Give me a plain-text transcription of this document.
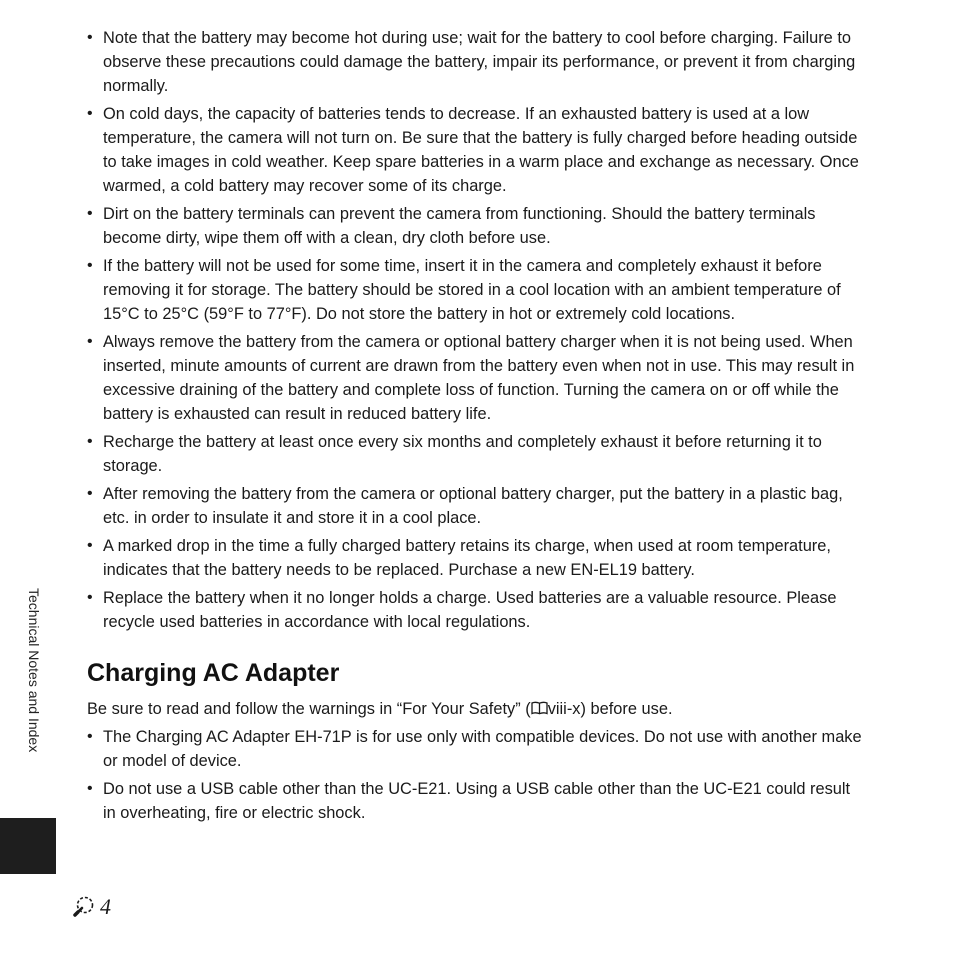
• Note that the battery may become hot during use; wait for the battery to cool before charging. Failure to observe these precautions could damage the battery, impair its performance, or prevent it from charging normally.
• On cold days, the capacity of batteries tends to decrease. If an exhausted battery is used at a low temperature, the camera will not turn on. Be sure that the battery is fully charged before heading outside to take images in cold weather. Keep spare batteries in a warm place and exchange as necessary. Once warmed, a cold battery may recover some of its charge.
• Dirt on the battery terminals can prevent the camera from functioning. Should the battery terminals become dirty, wipe them off with a clean, dry cloth before use.
• If the battery will not be used for some time, insert it in the camera and completely exhaust it before removing it for storage. The battery should be stored in a cool location with an ambient temperature of 15°C to 25°C (59°F to 77°F). Do not store the battery in hot or extremely cold locations.
• Always remove the battery from the camera or optional battery charger when it is not being used. When inserted, minute amounts of current are drawn from the battery even when not in use. This may result in excessive draining of the battery and complete loss of function. Turning the camera on or off while the battery is exhausted can result in reduced battery life.
• Recharge the battery at least once every six months and completely exhaust it before returning it to storage.
• After removing the battery from the camera or optional battery charger, put the battery in a plastic bag, etc. in order to insulate it and store it in a cool place.
• A marked drop in the time a fully charged battery retains its charge, when used at room temperature, indicates that the battery needs to be replaced. Purchase a new EN-EL19 battery.
• Replace the battery when it no longer holds a charge. Used batteries are a valuable resource. Please recycle used batteries in accordance with local regulations.
Charging AC Adapter

Be sure to read and follow the warnings in “For Your Safety” ( viii-x) before use.

• The Charging AC Adapter EH-71P is for use only with compatible devices. Do not use with another make or model of device.
• Do not use a USB cable other than the UC-E21. Using a USB cable other than the UC-E21 could result in overheating, fire or electric shock.
Technical Notes and Index
4
